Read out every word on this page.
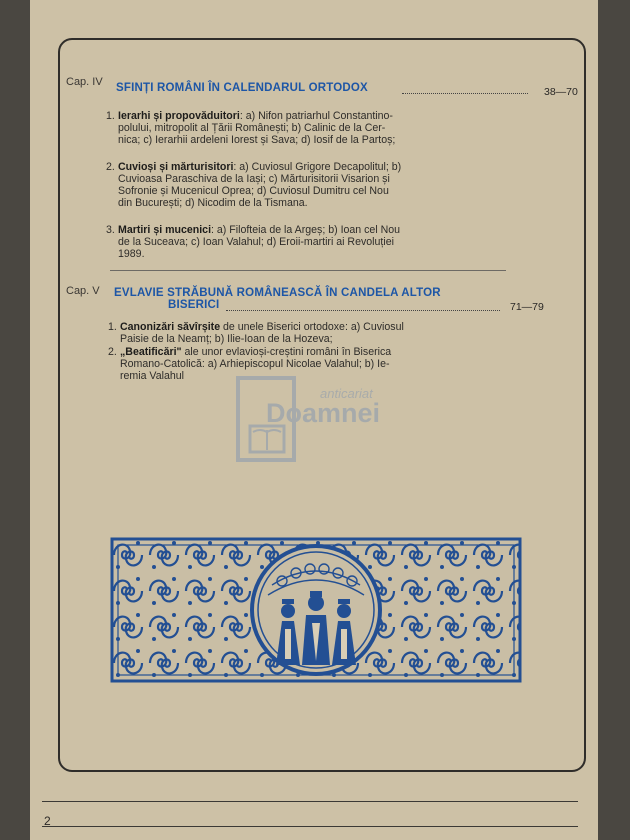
Cap. IV SFINȚI ROMÂNI ÎN CALENDARUL ORTODOX	38—70
1. Ierarhi și propovăduitori: a) Nifon patriarhul Constantino-
polului, mitropolit al Țării Românești; b) Calinic de la Cer-
nica; c) Ierarhii ardeleni Iorest și Sava; d) Iosif de la Partoș;
2. Cuvioși și mărturisitori: a) Cuviosul Grigore Decapolitul; b)
Cuvioasa Paraschiva de la Iași; c) Mărturisitorii Visarion și
Sofronie și Mucenicul Oprea; d) Cuviosul Dumitru cel Nou
din București; d) Nicodim de la Tismana.
3. Martiri și mucenici: a) Filofteia de la Argeș; b) Ioan cel Nou
de la Suceava; c) Ioan Valahul; d) Eroii-martiri ai Revoluției
1989.
Cap. V EVLAVIE STRĂBUNĂ ROMÂNEASCĂ ÎN CANDELA ALTOR
BISERICI	71—79
1. Canonizări săvîrșite de unele Biserici ortodoxe: a) Cuviosul
Paisie de la Neamț; b) Ilie-Ioan de la Hozeva;
2. „Beatificări" ale unor evlavioși-creștini români în Biserica
Romano-Catolică: a) Arhiepiscopul Nicolae Valahul; b) Ie-
remia Valahul
anticariat
Doamnei
2
